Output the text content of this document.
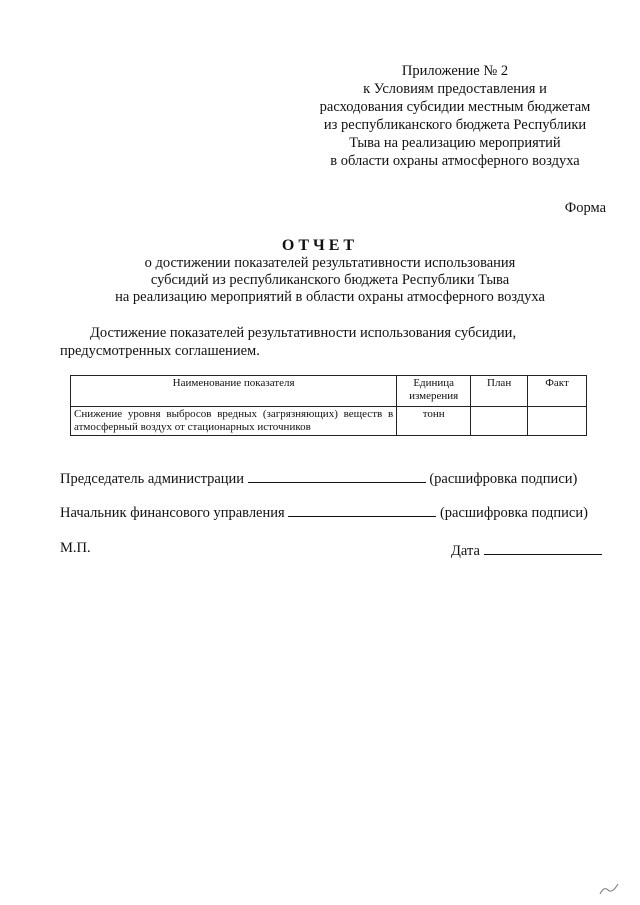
Приложение № 2
к Условиям предоставления и
расходования субсидии местным бюджетам
из республиканского бюджета Республики
Тыва на реализацию мероприятий
в области охраны атмосферного воздуха
Форма
ОТЧЕТ
о достижении показателей результативности использования
субсидий из республиканского бюджета Республики Тыва
на реализацию мероприятий в области охраны атмосферного воздуха
Достижение показателей результативности использования субсидии,
предусмотренных соглашением.
Наименование показателя	Единица измерения	План	Факт
Снижение уровня выбросов вредных (загрязняющих) веществ в атмосферный воздух от стационарных источников	тонн		
Председатель администрации	(расшифровка подписи)
Начальник финансового управления	(расшифровка подписи)
М.П.	Дата
